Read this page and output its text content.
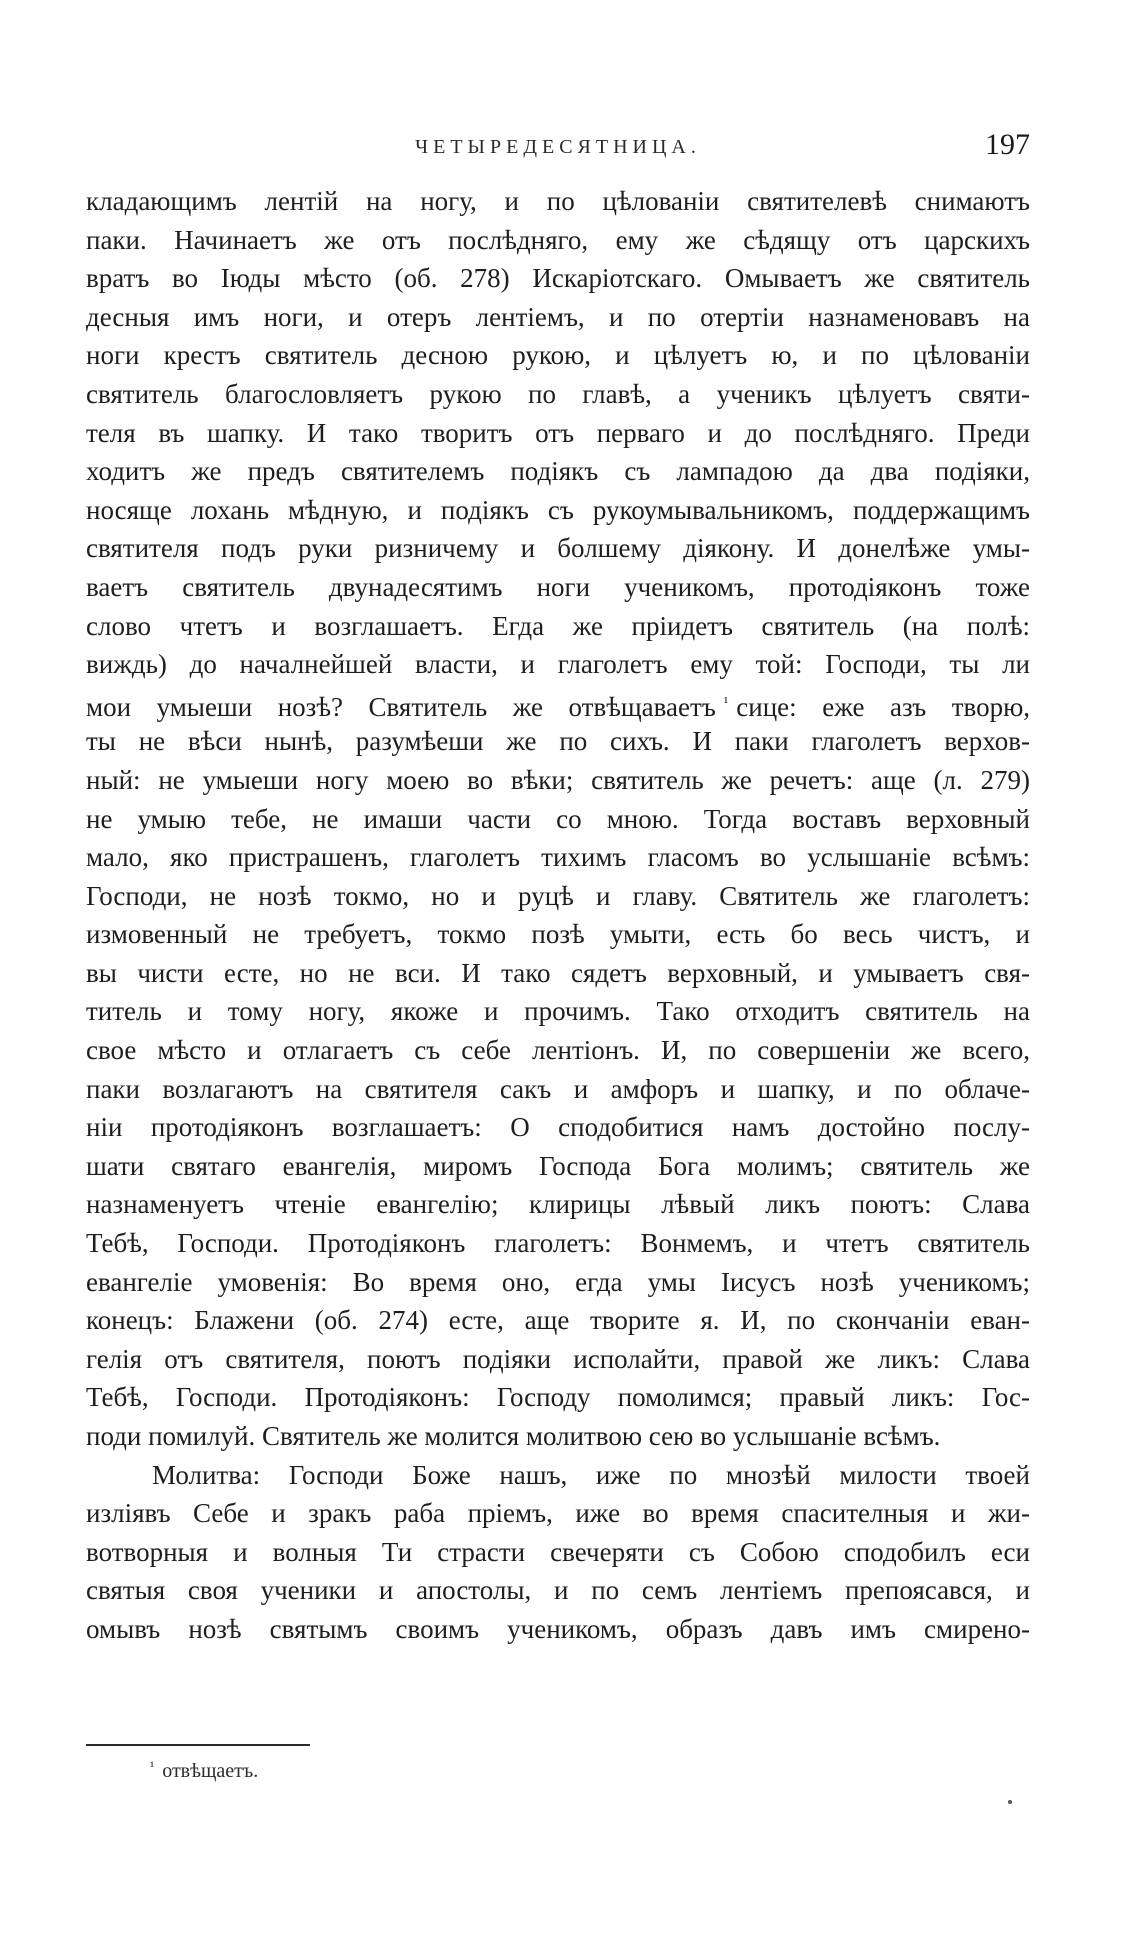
ЧЕТЫРЕДЕСЯТНИЦА.	197
кладающимъ лентій на ногу, и по цѣлованіи святителевѣ снимаютъ
паки. Начинаетъ же отъ послѣдняго, ему же сѣдящу отъ царскихъ
вратъ во Іюды мѣсто (об. 278) Искаріотскаго. Омываетъ же святитель
десныя имъ ноги, и отеръ лентіемъ, и по отертіи назнаменовавъ на
ноги крестъ святитель десною рукою, и цѣлуетъ ю, и по цѣлованіи
святитель благословляетъ рукою по главѣ, а ученикъ цѣлуетъ святи-
теля въ шапку. И тако творитъ отъ перваго и до послѣдняго. Преди
ходитъ же предъ святителемъ подіякъ съ лампадою да два подіяки,
носяще лохань мѣдную, и подіякъ съ рукоумывальникомъ, поддержащимъ
святителя подъ руки ризничему и болшему діякону. И донелѣже умы-
ваетъ святитель двунадесятимъ ноги ученикомъ, протодіяконъ тоже
слово чтетъ и возглашаетъ. Егда же пріидетъ святитель (на полѣ:
виждь) до началнейшей власти, и глаголетъ ему той: Господи, ты ли
мои умыеши нозѣ? Святитель же отвѣщаваетъ $^{^1}$ сице: еже азъ творю,
ты не вѣси нынѣ, разумѣеши же по сихъ. И паки глаголетъ верхов-
ный: не умыеши ногу моею во вѣки; святитель же речетъ: аще (л. 279)
не умыю тебе, не имаши части со мною. Тогда воставъ верховный
мало, яко пристрашенъ, глаголетъ тихимъ гласомъ во услышаніе всѣмъ:
Господи, не нозѣ токмо, но и руцѣ и главу. Святитель же глаголетъ:
измовенный не требуетъ, токмо позѣ умыти, есть бо весь чистъ, и
вы чисти есте, но не вси. И тако сядетъ верховный, и умываетъ свя-
титель и тому ногу, якоже и прочимъ. Тако отходитъ святитель на
свое мѣсто и отлагаетъ съ себе лентіонъ. И, по совершеніи же всего,
паки возлагаютъ на святителя сакъ и амфоръ и шапку, и по облаче-
ніи протодіяконъ возглашаетъ: О сподобитися намъ достойно послу-
шати святаго евангелія, миромъ Господа Бога молимъ; святитель же
назнаменуетъ чтеніе евангелію; клирицы лѣвый ликъ поютъ: Слава
Тебѣ, Господи. Протодіяконъ глаголетъ: Вонмемъ, и чтетъ святитель
евангеліе умовенія: Во время оно, егда умы Іисусъ нозѣ ученикомъ;
конецъ: Блажени (об. 274) есте, аще творите я. И, по скончаніи еван-
гелія отъ святителя, поютъ подіяки исполайти, правой же ликъ: Слава
Тебѣ, Господи. Протодіяконъ: Господу помолимся; правый ликъ: Гос-
поди помилуй. Святитель же молится молитвою сею во услышаніе всѣмъ.
Молитва: Господи Боже нашъ, иже по мнозѣй милости твоей
изліявъ Себе и зракъ раба пріемъ, иже во время спасителныя и жи-
вотворныя и волныя Ти страсти свечеряти съ Собою сподобилъ еси
святыя своя ученики и апостолы, и по семъ лентіемъ препоясався, и
омывъ нозѣ святымъ своимъ ученикомъ, образъ давъ имъ смирено-
$^{^1}$ отвѣщаетъ.
